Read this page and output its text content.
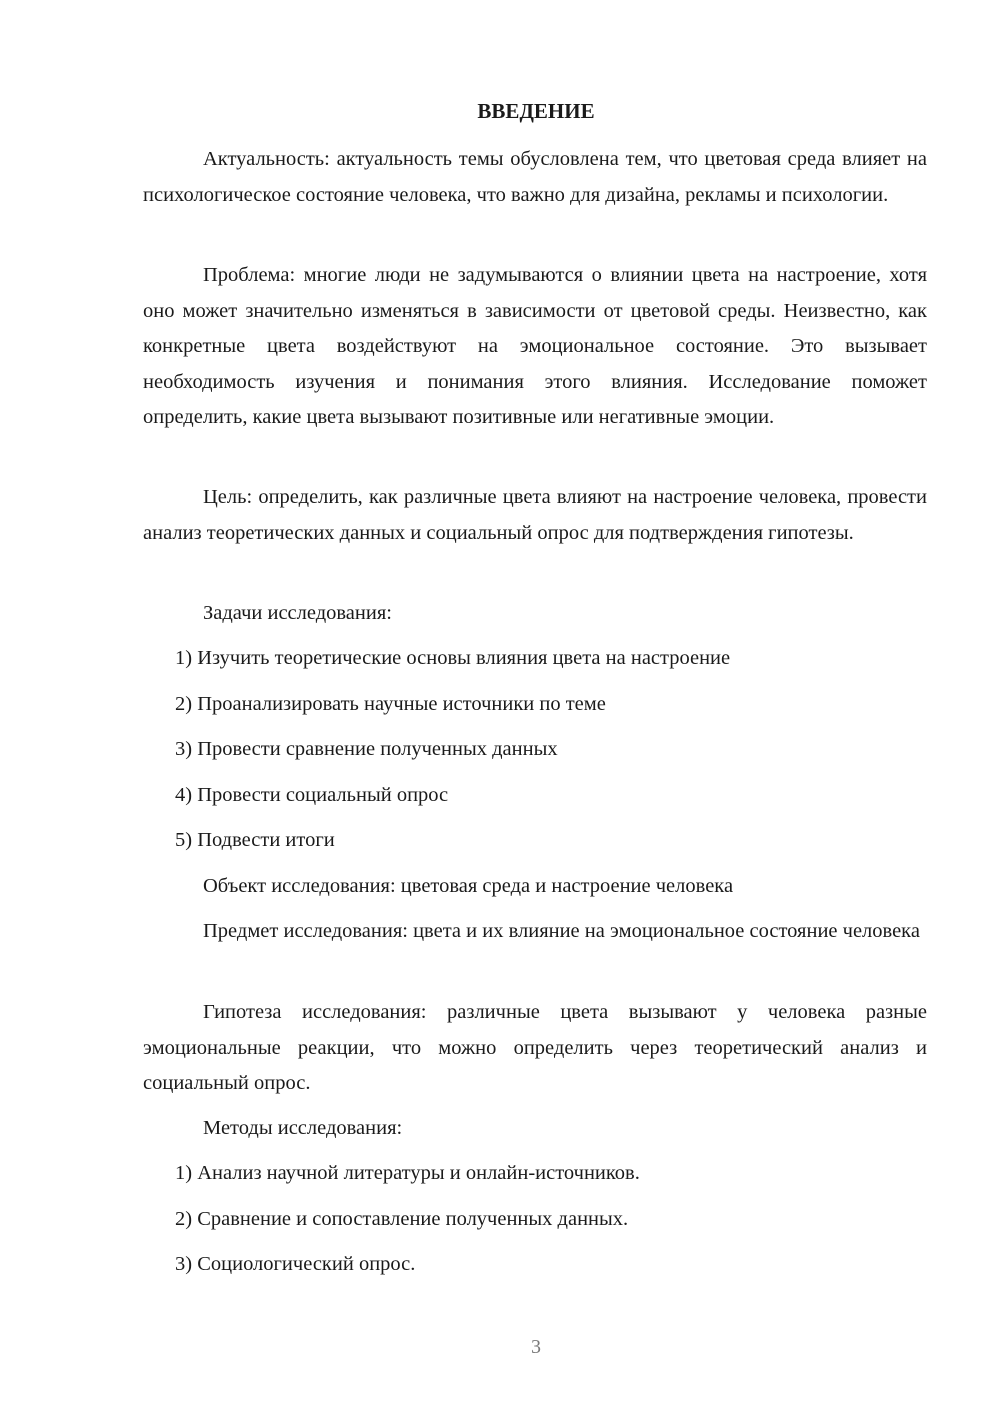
ВВЕДЕНИЕ

Актуальность: актуальность темы обусловлена тем, что цветовая среда влияет на психологическое состояние человека, что важно для дизайна, рекламы и психологии.

Проблема: многие люди не задумываются о влиянии цвета на настроение, хотя оно может значительно изменяться в зависимости от цветовой среды. Неизвестно, как конкретные цвета воздействуют на эмоциональное состояние. Это вызывает необходимость изучения и понимания этого влияния. Исследование поможет определить, какие цвета вызывают позитивные или негативные эмоции.

Цель: определить, как различные цвета влияют на настроение человека, провести анализ теоретических данных и социальный опрос для подтверждения гипотезы.

Задачи исследования:

1) Изучить теоретические основы влияния цвета на настроение

2) Проанализировать научные источники по теме

3) Провести сравнение полученных данных

4) Провести социальный опрос

5) Подвести итоги

Объект исследования: цветовая среда и настроение человека

Предмет исследования: цвета и их влияние на эмоциональное состояние человека

Гипотеза исследования: различные цвета вызывают у человека разные эмоциональные реакции, что можно определить через теоретический анализ и социальный опрос.

Методы исследования:

1) Анализ научной литературы и онлайн-источников.

2) Сравнение и сопоставление полученных данных.

3) Социологический опрос.

3
